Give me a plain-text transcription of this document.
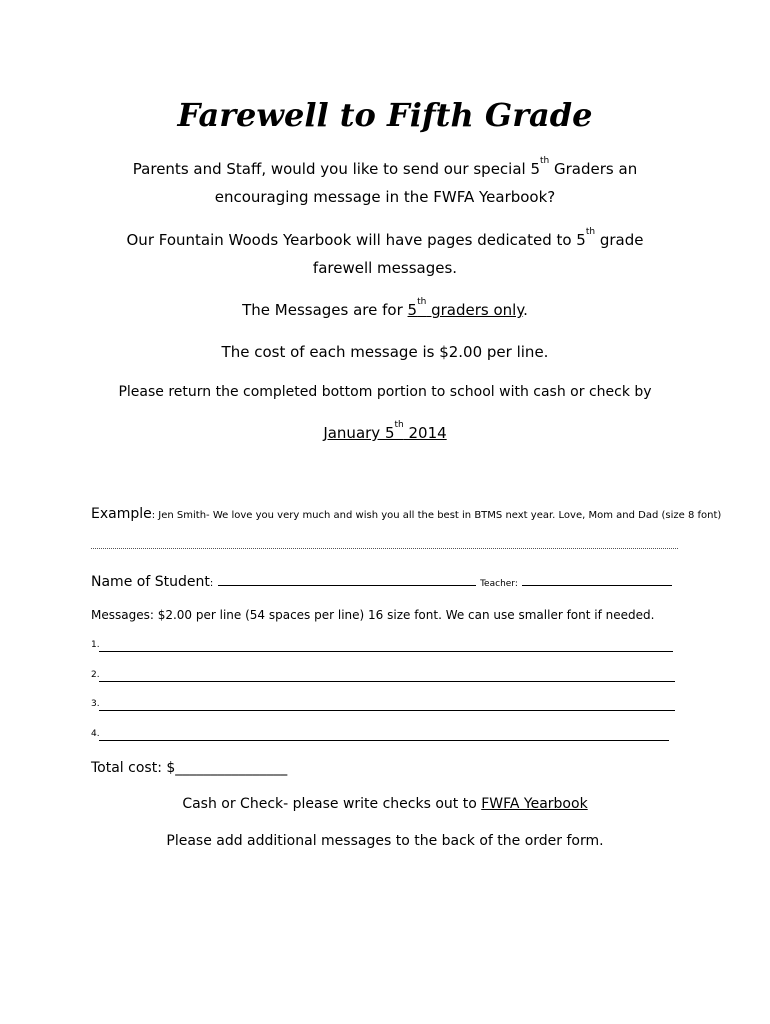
Farewell to Fifth Grade
Parents and Staff, would you like to send our special 5th Graders an
encouraging message in the FWFA Yearbook?
Our Fountain Woods Yearbook will have pages dedicated to 5th grade
farewell messages.
The Messages are for 5th graders only.
The cost of each message is $2.00 per line.
Please return the completed bottom portion to school with cash or check by
January 5th 2014
Example: Jen Smith- We love you very much and wish you all the best in BTMS next year. Love, Mom and Dad (size 8 font)
Name of Student:	Teacher:
Messages: $2.00 per line (54 spaces per line) 16 size font. We can use smaller font if needed.
1.
2.
3.
4.
Total cost: $________________
Cash or Check- please write checks out to FWFA Yearbook
Please add additional messages to the back of the order form.
